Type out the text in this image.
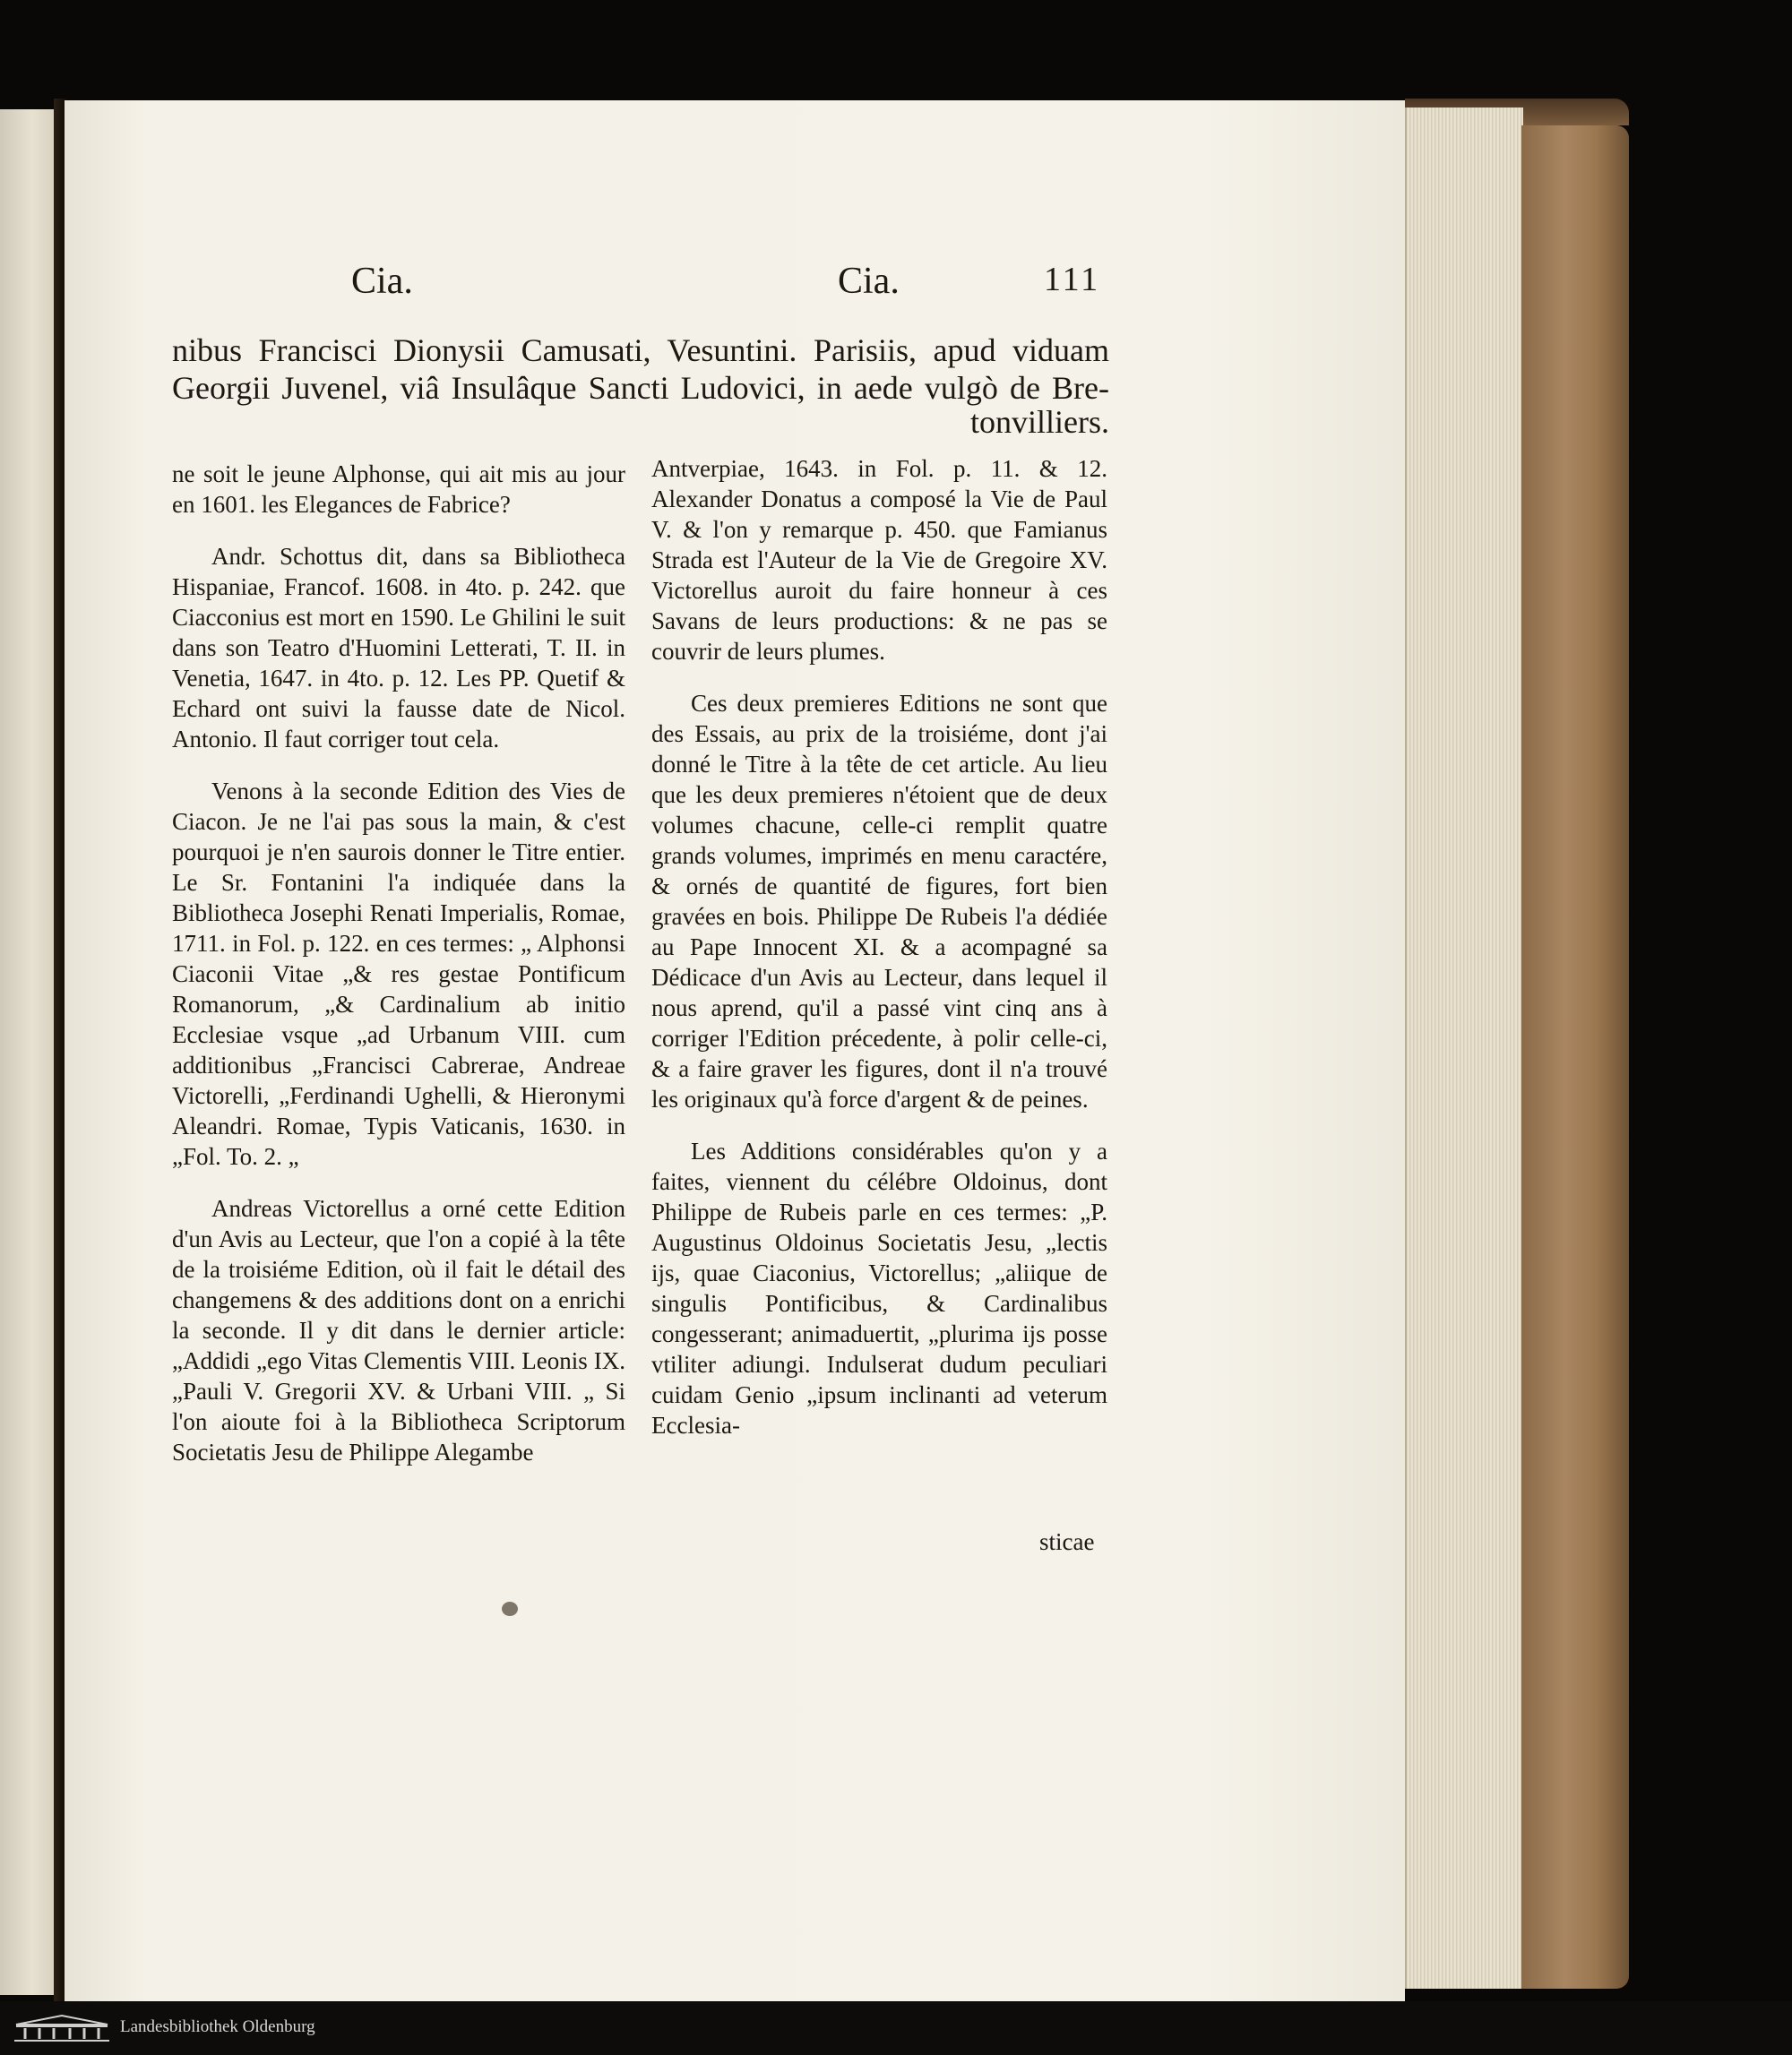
Cia.	Cia.	111
nibus Francisci Dionysii Camusati, Vesuntini. Parisiis, apud viduam
Georgii Juvenel, viâ Insulâque Sancti Ludovici, in aede vulgò de Bre-
tonvilliers.

ne soit le jeune Alphonse, qui ait mis au jour en 1601. les Elegances de Fabrice?

Andr. Schottus dit, dans sa Bibliotheca Hispaniae, Francof. 1608. in 4to. p. 242. que Ciacconius est mort en 1590. Le Ghilini le suit dans son Teatro d'Huomini Letterati, T. II. in Venetia, 1647. in 4to. p. 12. Les PP. Quetif & Echard ont suivi la fausse date de Nicol. Antonio. Il faut corriger tout cela.

Venons à la seconde Edition des Vies de Ciacon. Je ne l'ai pas sous la main, & c'est pourquoi je n'en saurois donner le Titre entier. Le Sr. Fontanini l'a indiquée dans la Bibliotheca Josephi Renati Imperialis, Romae, 1711. in Fol. p. 122. en ces termes: „ Alphonsi Ciaconii Vitae „& res gestae Pontificum Romanorum, „& Cardinalium ab initio Ecclesiae vsque „ad Urbanum VIII. cum additionibus „Francisci Cabrerae, Andreae Victorelli, „Ferdinandi Ughelli, & Hieronymi Aleandri. Romae, Typis Vaticanis, 1630. in „Fol. To. 2. „

Andreas Victorellus a orné cette Edition d'un Avis au Lecteur, que l'on a copié à la tête de la troisiéme Edition, où il fait le détail des changemens & des additions dont on a enrichi la seconde. Il y dit dans le dernier article: „Addidi „ego Vitas Clementis VIII. Leonis IX. „Pauli V. Gregorii XV. & Urbani VIII. „ Si l'on aioute foi à la Bibliotheca Scriptorum Societatis Jesu de Philippe Alegambe

Antverpiae, 1643. in Fol. p. 11. & 12. Alexander Donatus a composé la Vie de Paul V. & l'on y remarque p. 450. que Famianus Strada est l'Auteur de la Vie de Gregoire XV. Victorellus auroit du faire honneur à ces Savans de leurs productions: & ne pas se couvrir de leurs plumes.

Ces deux premieres Editions ne sont que des Essais, au prix de la troisiéme, dont j'ai donné le Titre à la tête de cet article. Au lieu que les deux premieres n'étoient que de deux volumes chacune, celle-ci remplit quatre grands volumes, imprimés en menu caractére, & ornés de quantité de figures, fort bien gravées en bois. Philippe De Rubeis l'a dédiée au Pape Innocent XI. & a acompagné sa Dédicace d'un Avis au Lecteur, dans lequel il nous aprend, qu'il a passé vint cinq ans à corriger l'Edition précedente, à polir celle-ci, & a faire graver les figures, dont il n'a trouvé les originaux qu'à force d'argent & de peines.

Les Additions considérables qu'on y a faites, viennent du célébre Oldoinus, dont Philippe de Rubeis parle en ces termes: „P. Augustinus Oldoinus Societatis Jesu, „lectis ijs, quae Ciaconius, Victorellus; „aliique de singulis Pontificibus, & Cardinalibus congesserant; animaduertit, „plurima ijs posse vtiliter adiungi. Indulserat dudum peculiari cuidam Genio „ipsum inclinanti ad veterum Ecclesia-

sticae
Landesbibliothek Oldenburg
